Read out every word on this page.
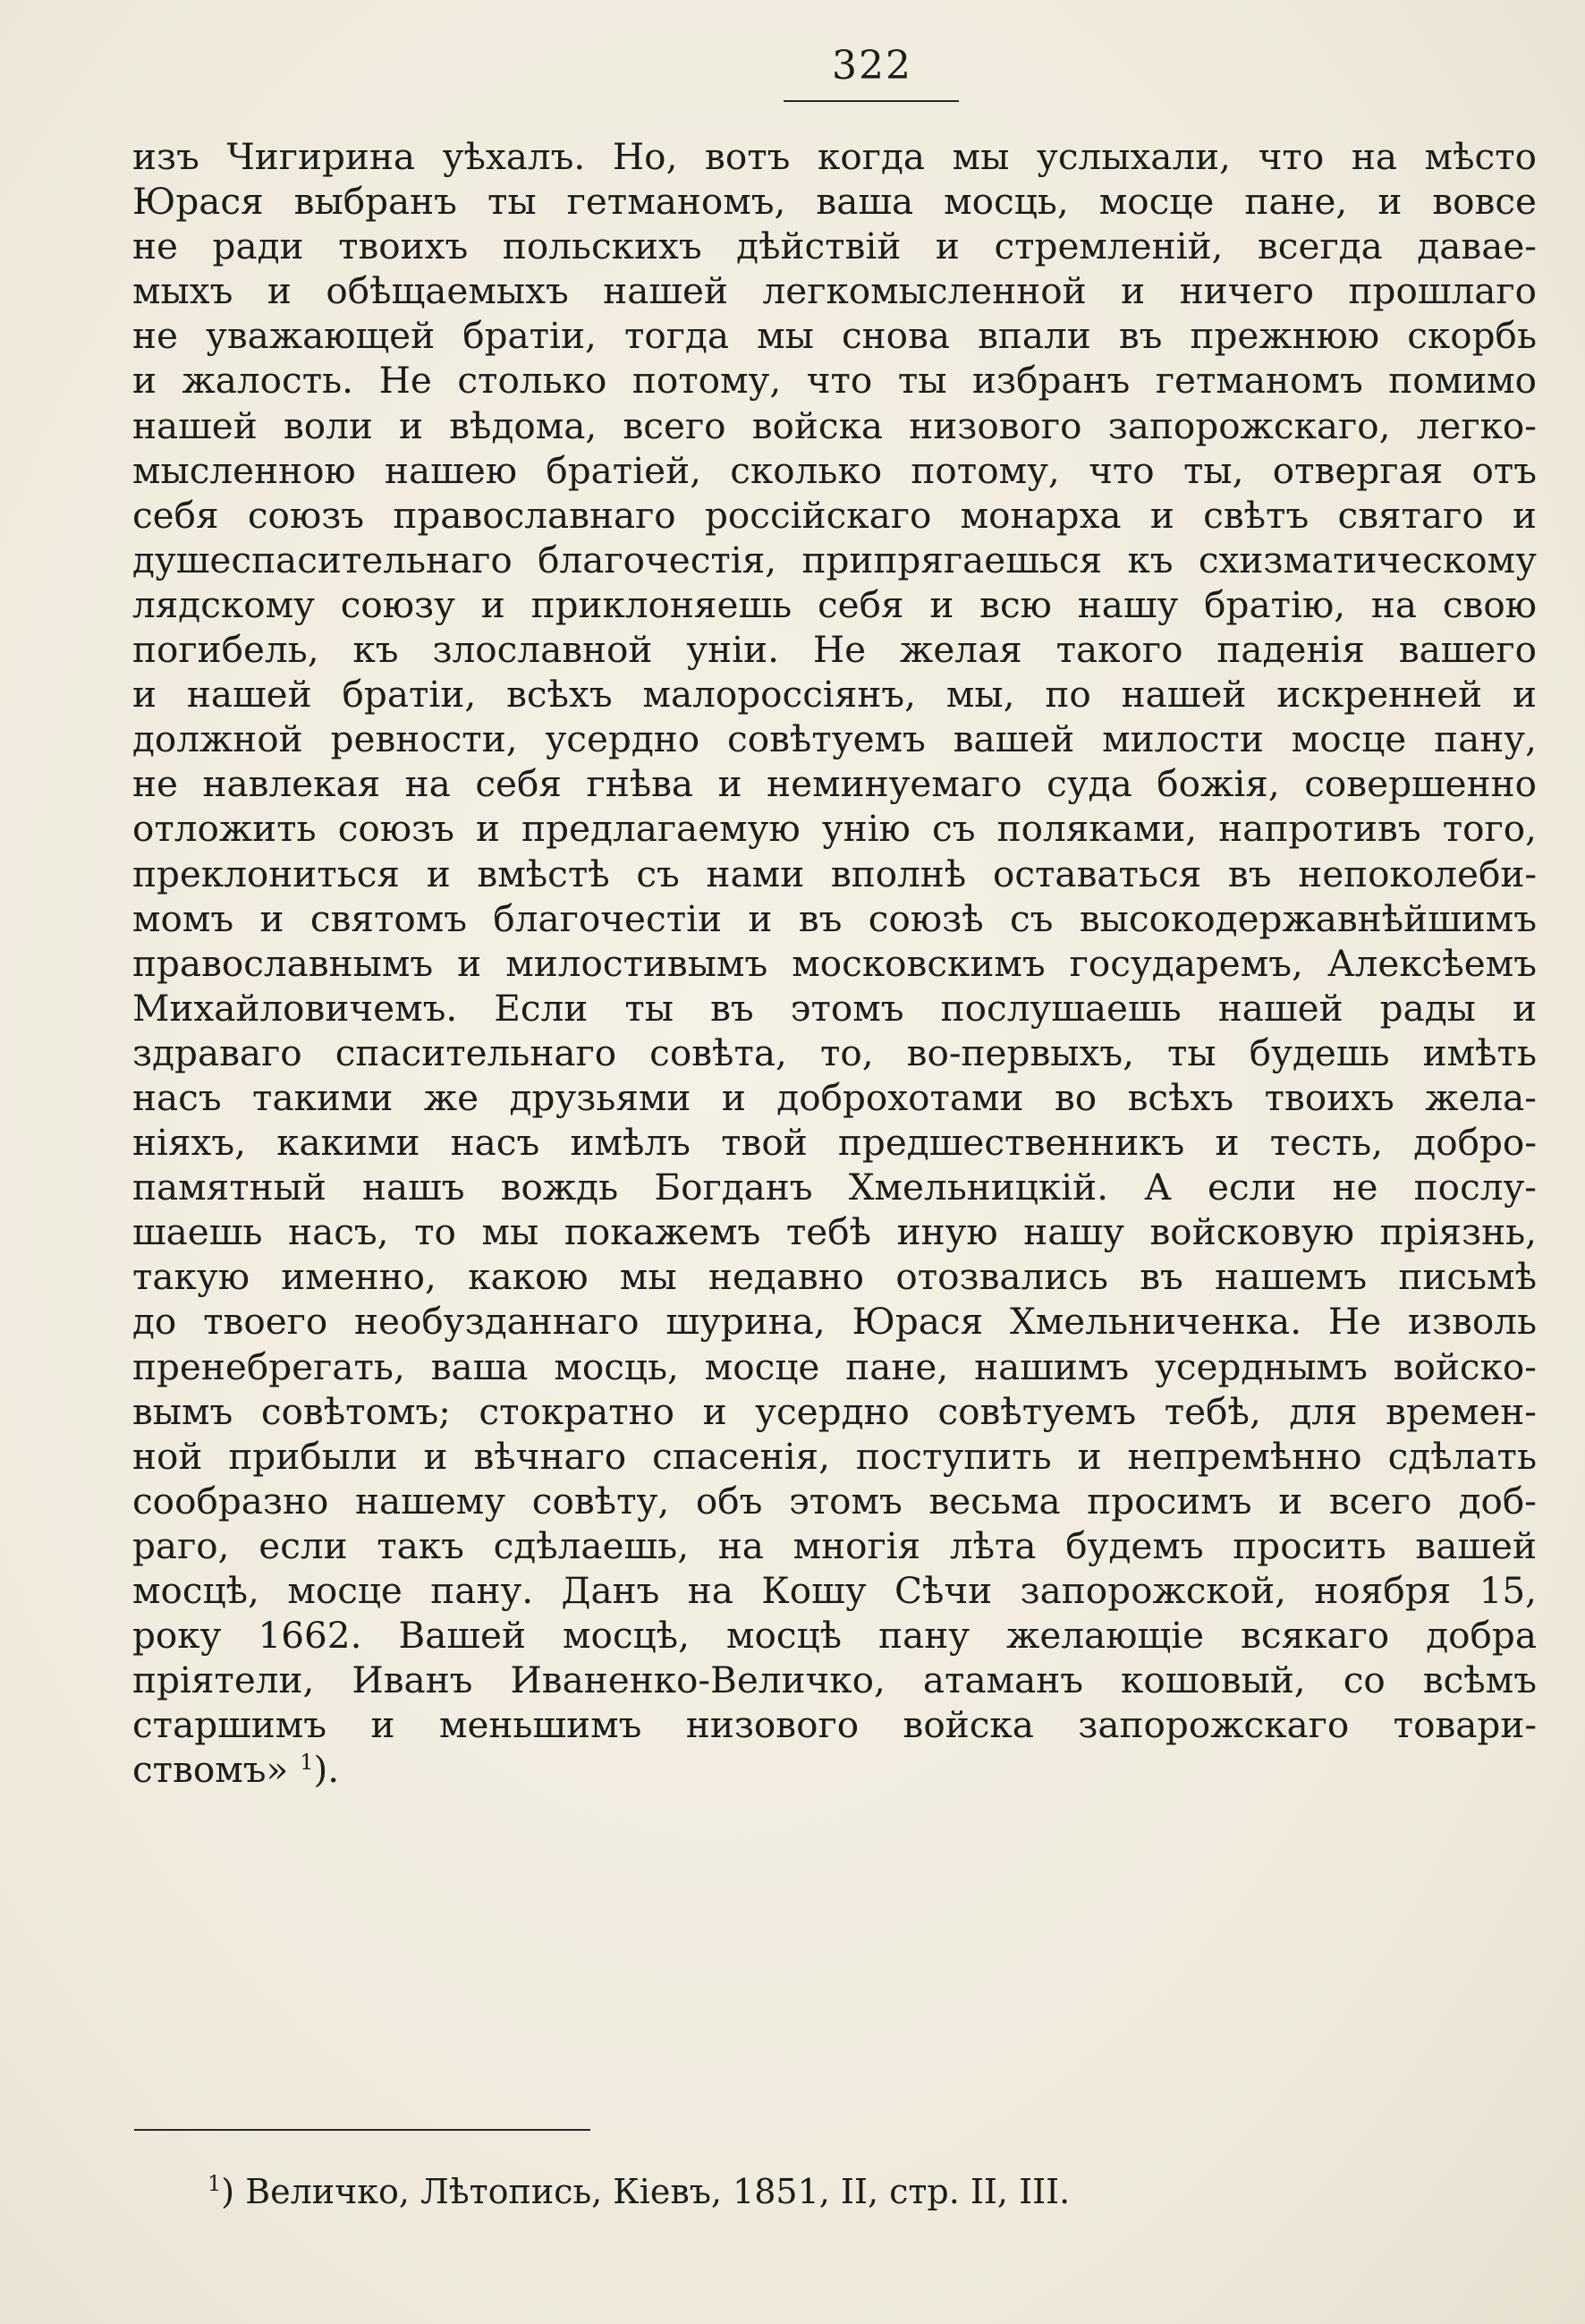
322
изъ Чигирина уѣхалъ. Но, вотъ когда мы услыхали, что на мѣсто
Юрася выбранъ ты гетманомъ, ваша мосць, мосце пане, и вовсе
не ради твоихъ польскихъ дѣйствій и стремленій, всегда давае-
мыхъ и обѣщаемыхъ нашей легкомысленной и ничего прошлаго
не уважающей братіи, тогда мы снова впали въ прежнюю скорбь
и жалость. Не столько потому, что ты избранъ гетманомъ помимо
нашей воли и вѣдома, всего войска низового запорожскаго, легко-
мысленною нашею братіей, сколько потому, что ты, отвергая отъ
себя союзъ православнаго россійскаго монарха и свѣтъ святаго и
душеспасительнаго благочестія, припрягаешься къ схизматическому
лядскому союзу и приклоняешь себя и всю нашу братію, на свою
погибель, къ злославной уніи. Не желая такого паденія вашего
и нашей братіи, всѣхъ малороссіянъ, мы, по нашей искренней и
должной ревности, усердно совѣтуемъ вашей милости мосце пану,
не навлекая на себя гнѣва и неминуемаго суда божія, совершенно
отложить союзъ и предлагаемую унію съ поляками, напротивъ того,
преклониться и вмѣстѣ съ нами вполнѣ оставаться въ непоколеби-
момъ и святомъ благочестіи и въ союзѣ съ высокодержавнѣйшимъ
православнымъ и милостивымъ московскимъ государемъ, Алексѣемъ
Михайловичемъ. Если ты въ этомъ послушаешь нашей рады и
здраваго спасительнаго совѣта, то, во-первыхъ, ты будешь имѣть
насъ такими же друзьями и доброхотами во всѣхъ твоихъ жела-
ніяхъ, какими насъ имѣлъ твой предшественникъ и тесть, добро-
памятный нашъ вождь Богданъ Хмельницкій. А если не послу-
шаешь насъ, то мы покажемъ тебѣ иную нашу войсковую пріязнь,
такую именно, какою мы недавно отозвались въ нашемъ письмѣ
до твоего необузданнаго шурина, Юрася Хмельниченка. Не изволь
пренебрегать, ваша мосць, мосце пане, нашимъ усерднымъ войско-
вымъ совѣтомъ; стократно и усердно совѣтуемъ тебѣ, для времен-
ной прибыли и вѣчнаго спасенія, поступить и непремѣнно сдѣлать
сообразно нашему совѣту, объ этомъ весьма просимъ и всего доб-
раго, если такъ сдѣлаешь, на многія лѣта будемъ просить вашей
мосцѣ, мосце пану. Данъ на Кошу Сѣчи запорожской, ноября 15,
року 1662. Вашей мосцѣ, мосцѣ пану желающіе всякаго добра
пріятели, Иванъ Иваненко-Величко, атаманъ кошовый, со всѣмъ
старшимъ и меньшимъ низового войска запорожскаго товари-
ствомъ» $^1$).
$^1$) Величко, Лѣтопись, Кіевъ, 1851, II, стр. II, III.
